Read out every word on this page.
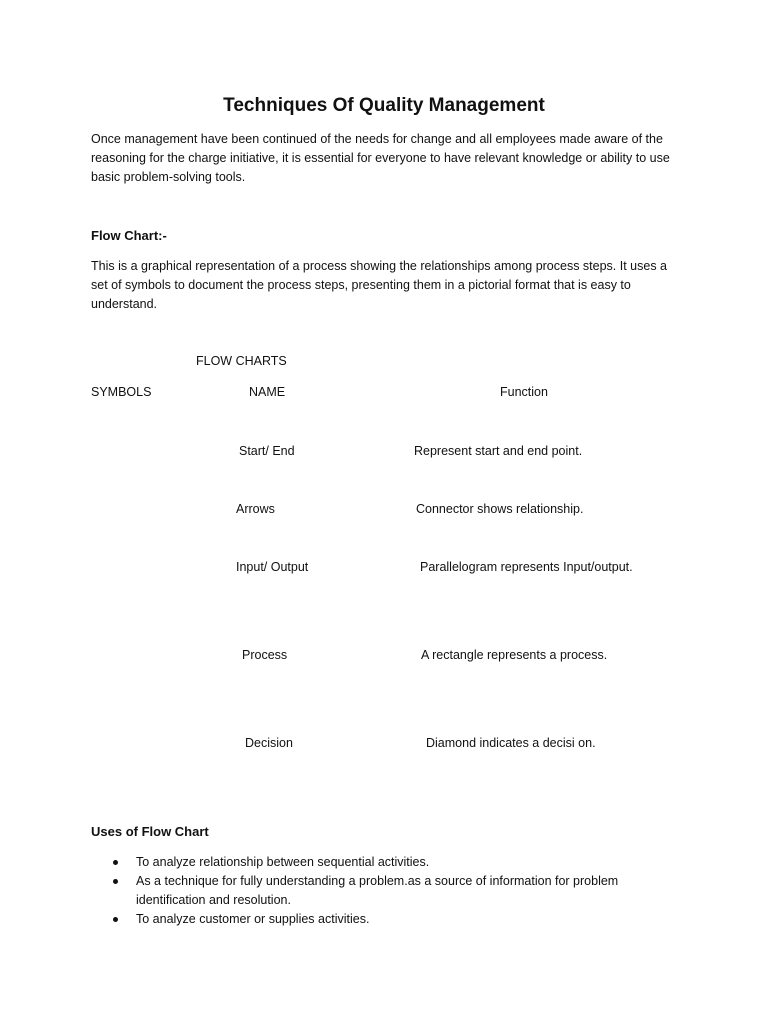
Techniques Of Quality Management
Once management have been continued of the needs for change and all employees made aware of the reasoning for the charge initiative, it is essential for everyone to have relevant knowledge or ability to use basic problem-solving tools.
Flow Chart:-
This is a graphical representation of a process showing the relationships among process steps. It uses a set of symbols to document the process steps, presenting them in a pictorial format that is easy to understand.
FLOW CHARTS
SYMBOLS	NAME	Function
Start/ End	Represent start and end point.
Arrows	Connector shows relationship.
Input/ Output	Parallelogram represents Input/output.
Process	A rectangle represents a process.
Decision	Diamond indicates a decisi on.
Uses of Flow Chart
To analyze relationship between sequential activities.
As a technique for fully understanding a problem.as a source of information for problem identification and resolution.
To analyze customer or supplies activities.
